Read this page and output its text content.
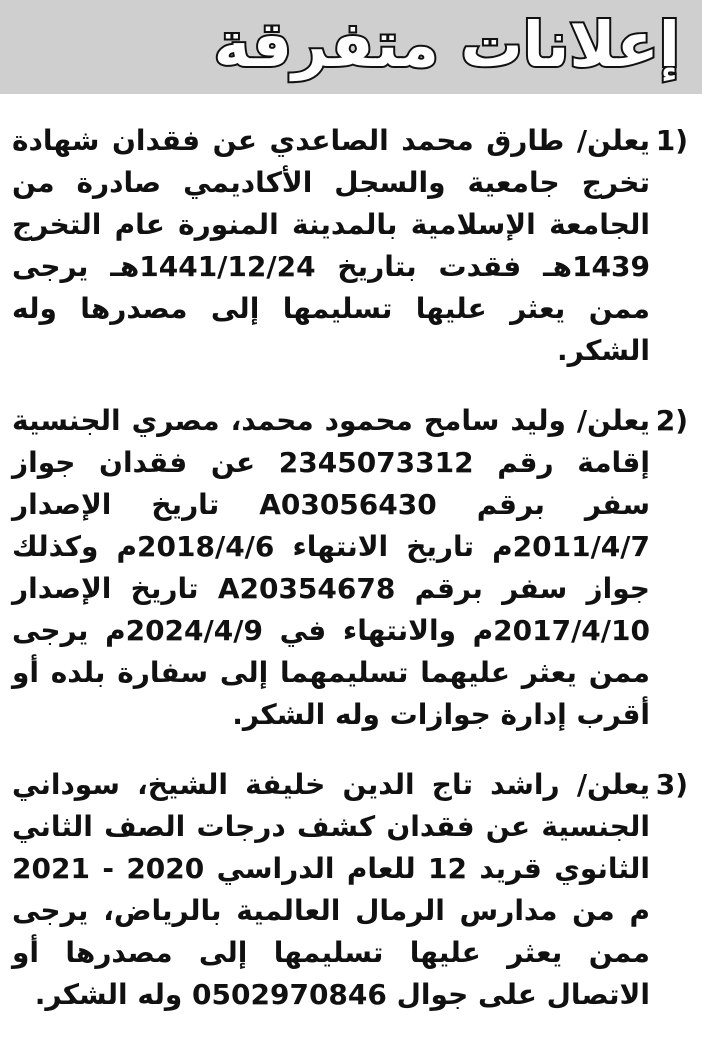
إعلانات متفرقة
1)
يعلن/ طارق محمد الصاعدي عن فقدان شهادة تخرج جامعية والسجل الأكاديمي صادرة من الجامعة الإسلامية بالمدينة المنورة عام التخرج 1439هـ فقدت بتاريخ 1441/12/24هـ يرجى ممن يعثر عليها تسليمها إلى مصدرها وله الشكر.
2)
يعلن/ وليد سامح محمود محمد، مصري الجنسية إقامة رقم 2345073312 عن فقدان جواز سفر برقم A03056430 تاريخ الإصدار 2011/4/7م تاريخ الانتهاء 2018/4/6م وكذلك جواز سفر برقم A20354678 تاريخ الإصدار 2017/4/10م والانتهاء في 2024/4/9م يرجى ممن يعثر عليهما تسليمهما إلى سفارة بلده أو أقرب إدارة جوازات وله الشكر.
3)
يعلن/ راشد تاج الدين خليفة الشيخ، سوداني الجنسية عن فقدان كشف درجات الصف الثاني الثانوي قريد 12 للعام الدراسي 2020 - 2021 م من مدارس الرمال العالمية بالرياض، يرجى ممن يعثر عليها تسليمها إلى مصدرها أو الاتصال على جوال 0502970846 وله الشكر.
